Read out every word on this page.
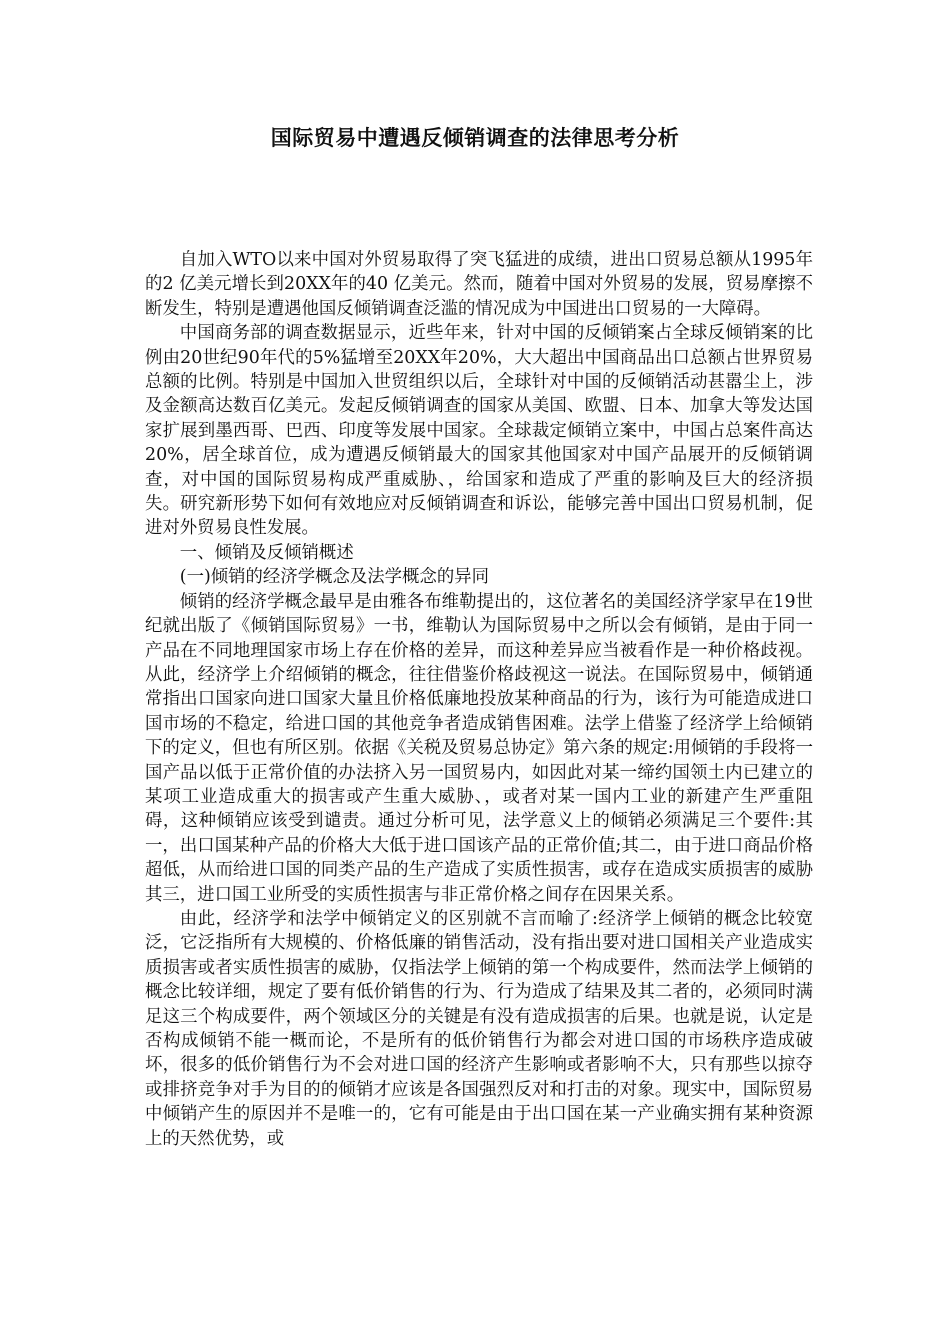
国际贸易中遭遇反倾销调查的法律思考分析

自加入WTO以来中国对外贸易取得了突飞猛进的成绩，进出口贸易总额从1995年的2 亿美元增长到20XX年的40 亿美元。然而，随着中国对外贸易的发展，贸易摩擦不断发生，特别是遭遇他国反倾销调查泛滥的情况成为中国进出口贸易的一大障碍。

中国商务部的调查数据显示，近些年来，针对中国的反倾销案占全球反倾销案的比例由20世纪90年代的5%猛增至20XX年20%，大大超出中国商品出口总额占世界贸易总额的比例。特别是中国加入世贸组织以后，全球针对中国的反倾销活动甚嚣尘上，涉及金额高达数百亿美元。发起反倾销调查的国家从美国、欧盟、日本、加拿大等发达国家扩展到墨西哥、巴西、印度等发展中国家。全球裁定倾销立案中，中国占总案件高达20%，居全球首位，成为遭遇反倾销最大的国家其他国家对中国产品展开的反倾销调查，对中国的国际贸易构成严重威胁、，给国家和造成了严重的影响及巨大的经济损失。研究新形势下如何有效地应对反倾销调查和诉讼，能够完善中国出口贸易机制，促进对外贸易良性发展。

一、倾销及反倾销概述

(一)倾销的经济学概念及法学概念的异同

倾销的经济学概念最早是由雅各布维勒提出的，这位著名的美国经济学家早在19世纪就出版了《倾销国际贸易》一书，维勒认为国际贸易中之所以会有倾销，是由于同一产品在不同地理国家市场上存在价格的差异，而这种差异应当被看作是一种价格歧视。从此，经济学上介绍倾销的概念，往往借鉴价格歧视这一说法。在国际贸易中，倾销通常指出口国家向进口国家大量且价格低廉地投放某种商品的行为，该行为可能造成进口国市场的不稳定，给进口国的其他竞争者造成销售困难。法学上借鉴了经济学上给倾销下的定义，但也有所区别。依据《关税及贸易总协定》第六条的规定:用倾销的手段将一国产品以低于正常价值的办法挤入另一国贸易内，如因此对某一缔约国领土内已建立的某项工业造成重大的损害或产生重大威胁、，或者对某一国内工业的新建产生严重阻碍，这种倾销应该受到谴责。通过分析可见，法学意义上的倾销必须满足三个要件:其一，出口国某种产品的价格大大低于进口国该产品的正常价值;其二，由于进口商品价格超低，从而给进口国的同类产品的生产造成了实质性损害，或存在造成实质损害的威胁其三，进口国工业所受的实质性损害与非正常价格之间存在因果关系。

由此，经济学和法学中倾销定义的区别就不言而喻了:经济学上倾销的概念比较宽泛，它泛指所有大规模的、价格低廉的销售活动，没有指出要对进口国相关产业造成实质损害或者实质性损害的威胁，仅指法学上倾销的第一个构成要件，然而法学上倾销的概念比较详细，规定了要有低价销售的行为、行为造成了结果及其二者的，必须同时满足这三个构成要件，两个领域区分的关键是有没有造成损害的后果。也就是说，认定是否构成倾销不能一概而论，不是所有的低价销售行为都会对进口国的市场秩序造成破坏，很多的低价销售行为不会对进口国的经济产生影响或者影响不大，只有那些以掠夺或排挤竞争对手为目的的倾销才应该是各国强烈反对和打击的对象。现实中，国际贸易中倾销产生的原因并不是唯一的，它有可能是由于出口国在某一产业确实拥有某种资源上的天然优势，或
